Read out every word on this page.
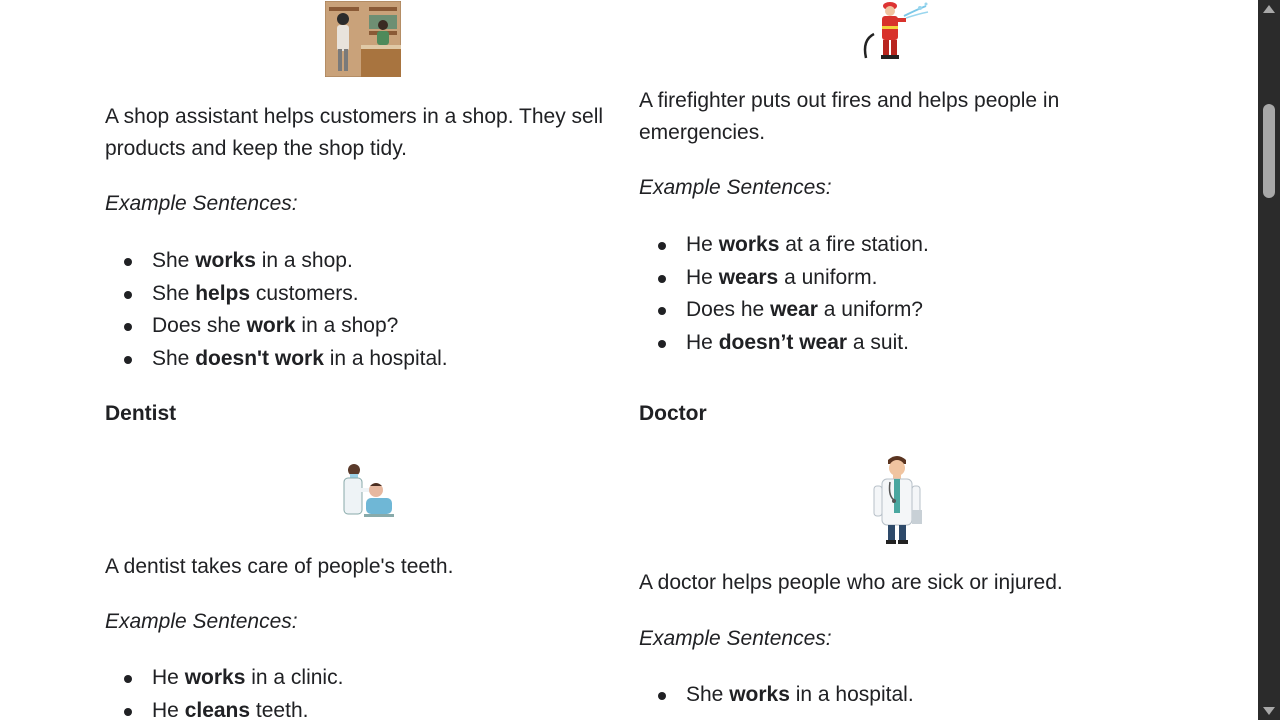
A shop assistant helps customers in a shop. They sell products and keep the shop tidy.

Example Sentences:

She works in a shop.
She helps customers.
Does she work in a shop?
She doesn't work in a hospital.

Dentist

A dentist takes care of people's teeth.

Example Sentences:

He works in a clinic.
He cleans teeth.

A firefighter puts out fires and helps people in emergencies.

Example Sentences:

He works at a fire station.
He wears a uniform.
Does he wear a uniform?
He doesn’t wear a suit.

Doctor

A doctor helps people who are sick or injured.

Example Sentences:

She works in a hospital.
